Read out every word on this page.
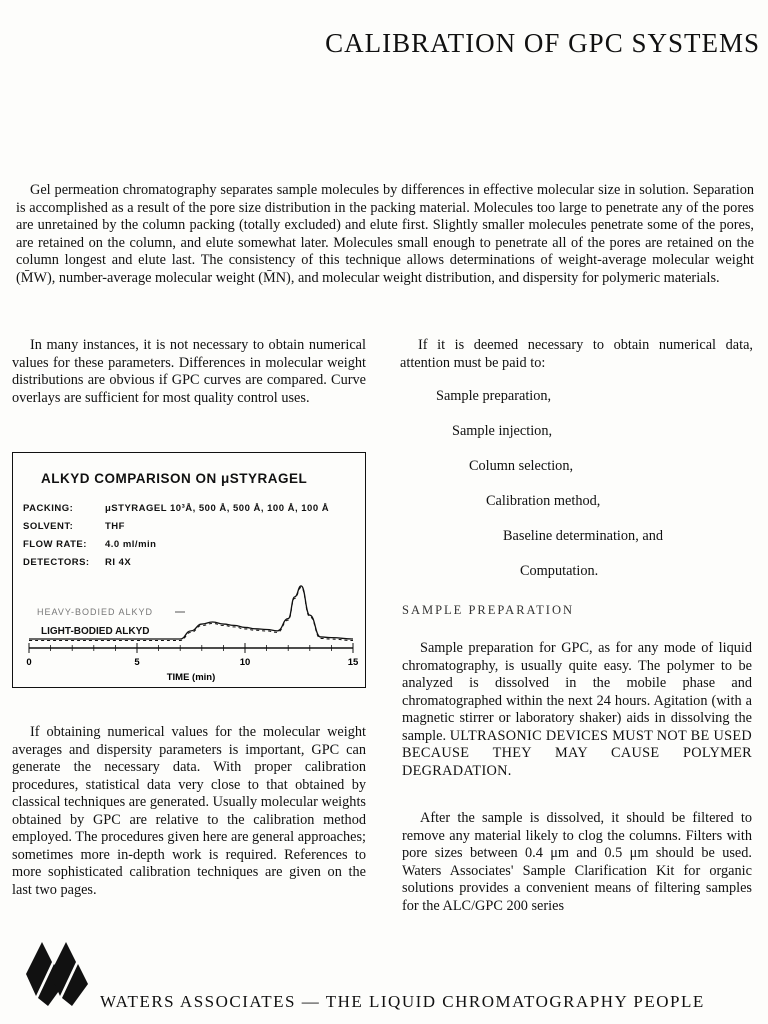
CALIBRATION OF GPC SYSTEMS

Gel permeation chromatography separates sample molecules by differences in effective molecular size in solution. Separation is accomplished as a result of the pore size distribution in the packing material. Molecules too large to penetrate any of the pores are unretained by the column packing (totally excluded) and elute first. Slightly smaller molecules penetrate some of the pores, are retained on the column, and elute somewhat later. Molecules small enough to penetrate all of the pores are retained on the column longest and elute last. The consistency of this technique allows determinations of weight-average molecular weight (M̄W), number-average molecular weight (M̄N), and molecular weight distribution, and dispersity for polymeric materials.

In many instances, it is not necessary to obtain numerical values for these parameters. Differences in molecular weight distributions are obvious if GPC curves are compared. Curve overlays are sufficient for most quality control uses.

ALKYD COMPARISON ON μSTYRAGEL
PACKING:	μSTYRAGEL 10³Å, 500 Å, 500 Å, 100 Å, 100 Å
SOLVENT:	THF
FLOW RATE: 4.0 ml/min
DETECTORS: RI 4X
HEAVY-BODIED ALKYD
LIGHT-BODIED ALKYD
0	5	10	15
TIME (min)

If obtaining numerical values for the molecular weight averages and dispersity parameters is important, GPC can generate the necessary data. With proper calibration procedures, statistical data very close to that obtained by classical techniques are generated. Usually molecular weights obtained by GPC are relative to the calibration method employed. The procedures given here are general approaches; sometimes more in-depth work is required. References to more sophisticated calibration techniques are given on the last two pages.

If it is deemed necessary to obtain numerical data, attention must be paid to:

Sample preparation,
Sample injection,
Column selection,
Calibration method,
Baseline determination, and
Computation.
SAMPLE PREPARATION

Sample preparation for GPC, as for any mode of liquid chromatography, is usually quite easy. The polymer to be analyzed is dissolved in the mobile phase and chromatographed within the next 24 hours. Agitation (with a magnetic stirrer or laboratory shaker) aids in dissolving the sample. ULTRASONIC DEVICES MUST NOT BE USED BECAUSE THEY MAY CAUSE POLYMER DEGRADATION.

After the sample is dissolved, it should be filtered to remove any material likely to clog the columns. Filters with pore sizes between 0.4 μm and 0.5 μm should be used. Waters Associates' Sample Clarification Kit for organic solutions provides a convenient means of filtering samples for the ALC/GPC 200 series

WATERS ASSOCIATES — THE LIQUID CHROMATOGRAPHY PEOPLE
